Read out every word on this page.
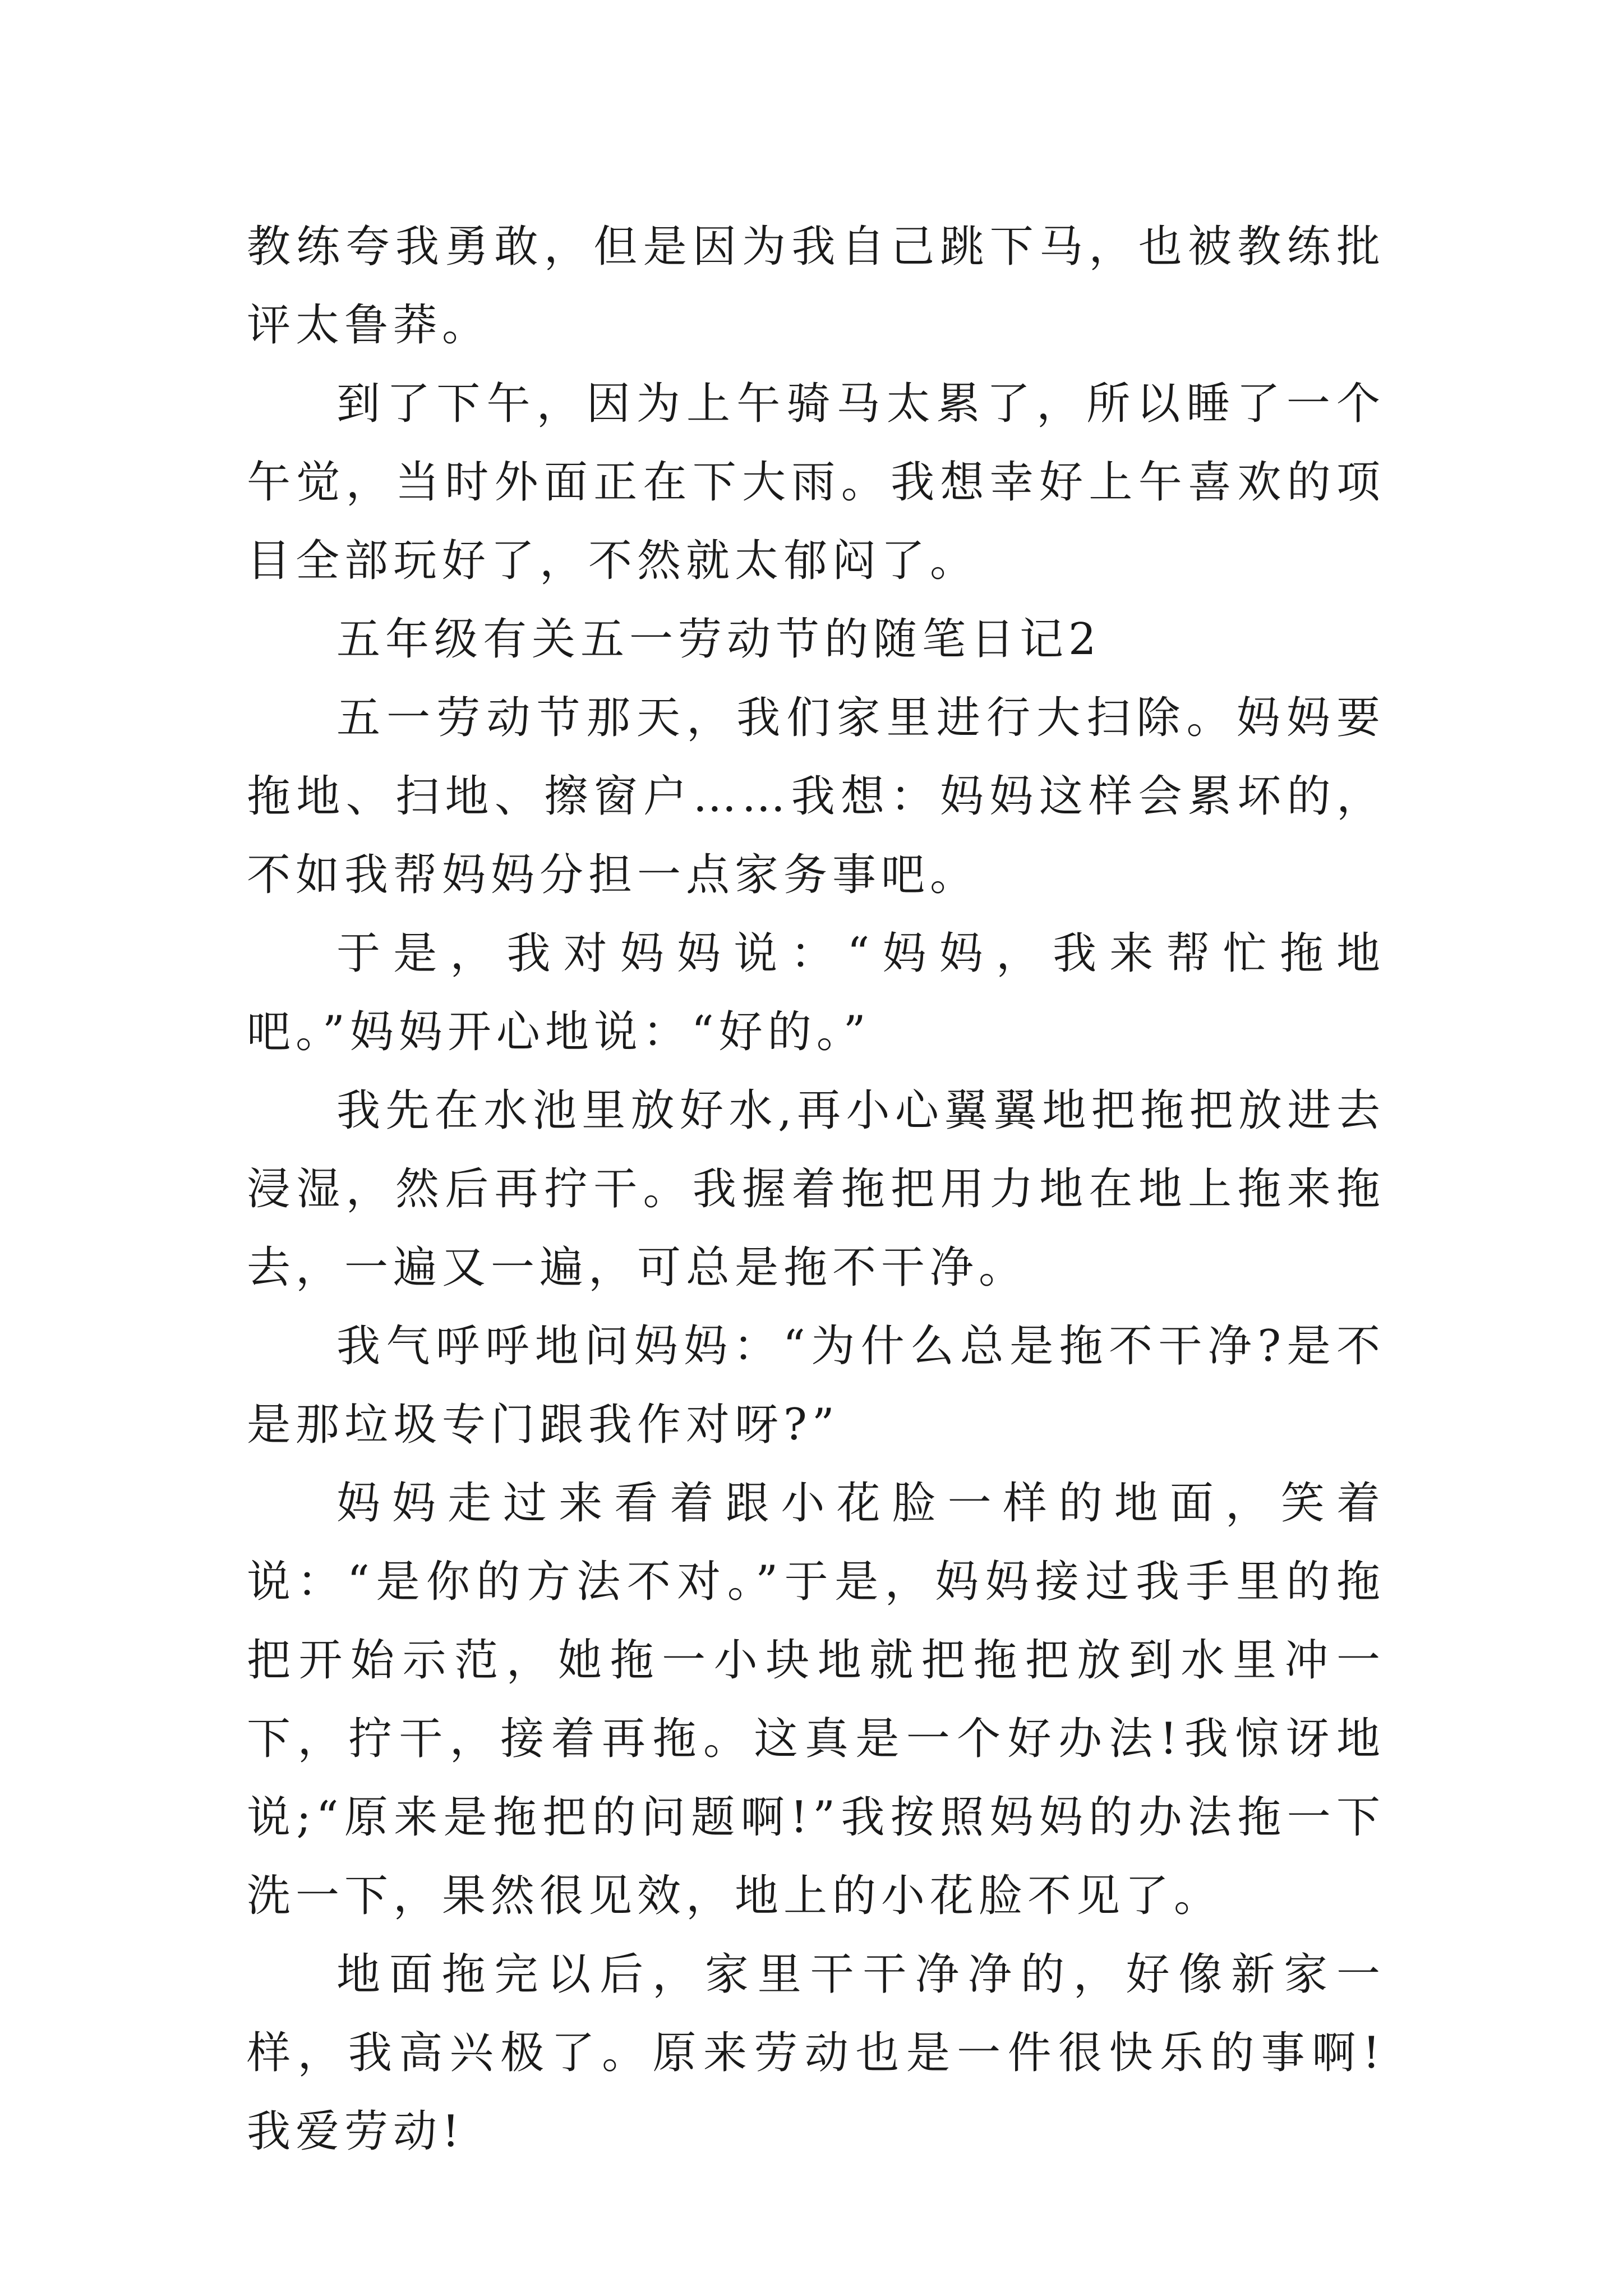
教练夸我勇敢，但是因为我自己跳下马，也被教练批评太鲁莽。

到了下午，因为上午骑马太累了，所以睡了一个午觉，当时外面正在下大雨。我想幸好上午喜欢的项目全部玩好了，不然就太郁闷了。

五年级有关五一劳动节的随笔日记2

五一劳动节那天，我们家里进行大扫除。妈妈要拖地、扫地、擦窗户……我想：妈妈这样会累坏的，不如我帮妈妈分担一点家务事吧。

于是，我对妈妈说：“妈妈，我来帮忙拖地吧。”妈妈开心地说：“好的。”

我先在水池里放好水,再小心翼翼地把拖把放进去浸湿，然后再拧干。我握着拖把用力地在地上拖来拖去，一遍又一遍，可总是拖不干净。

我气呼呼地问妈妈：“为什么总是拖不干净?是不是那垃圾专门跟我作对呀?”

妈妈走过来看着跟小花脸一样的地面，笑着说：“是你的方法不对。”于是，妈妈接过我手里的拖把开始示范，她拖一小块地就把拖把放到水里冲一下，拧干，接着再拖。这真是一个好办法!我惊讶地说;“原来是拖把的问题啊!”我按照妈妈的办法拖一下洗一下，果然很见效，地上的小花脸不见了。

地面拖完以后，家里干干净净的，好像新家一样，我高兴极了。原来劳动也是一件很快乐的事啊!我爱劳动!
